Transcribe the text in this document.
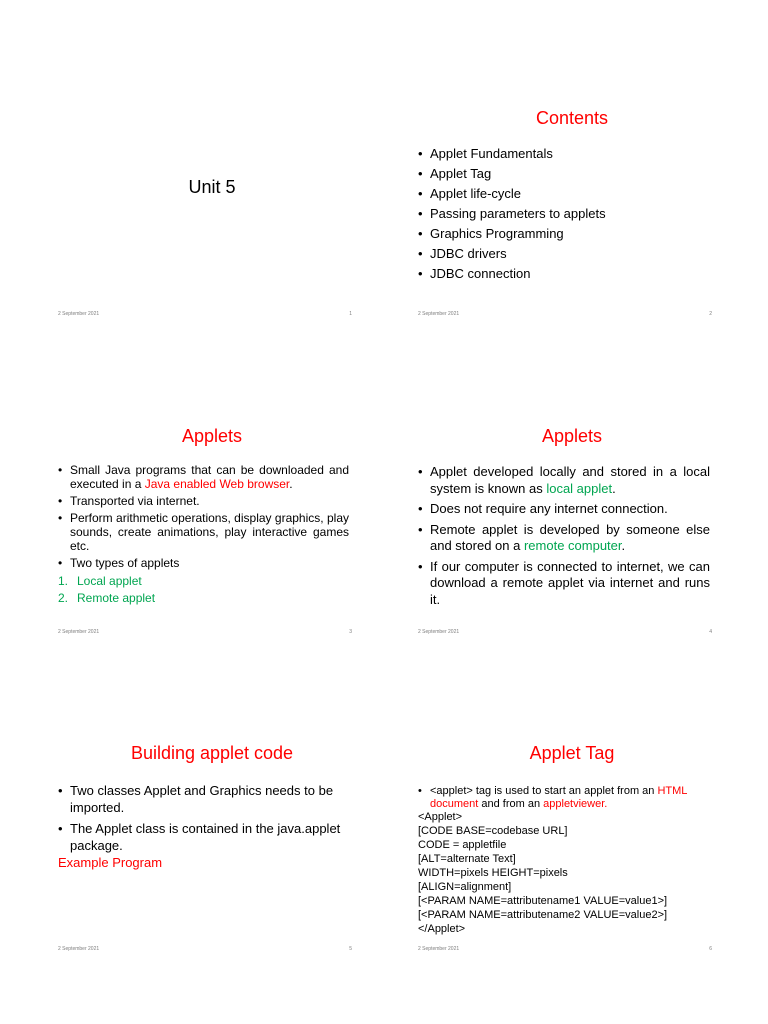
Unit 5
2 September 2021	1
Contents
• Applet Fundamentals
• Applet Tag
• Applet life-cycle
• Passing parameters to applets
• Graphics Programming
• JDBC drivers
• JDBC connection
2 September 2021	2
Applets
• Small Java programs that can be downloaded and executed in a Java enabled Web browser.
• Transported via internet.
• Perform arithmetic operations, display graphics, play sounds, create animations, play interactive games etc.
• Two types of applets
1. Local applet
2. Remote applet
2 September 2021	3
Applets
• Applet developed locally and stored in a local system is known as local applet.
• Does not require any internet connection.
• Remote applet is developed by someone else and stored on a remote computer.
• If our computer is connected to internet, we can download a remote applet via internet and runs it.
2 September 2021	4
Building applet code
• Two classes Applet and Graphics needs to be imported.
• The Applet class is contained in the java.applet package.
Example Program
2 September 2021	5
Applet Tag
• <applet> tag is used to start an applet from an HTML document and from an appletviewer.
<Applet>
[CODE BASE=codebase URL]
CODE = appletfile
[ALT=alternate Text]
WIDTH=pixels HEIGHT=pixels
[ALIGN=alignment]
[<PARAM NAME=attributename1 VALUE=value1>]
[<PARAM NAME=attributename2 VALUE=value2>]
</Applet>
2 September 2021	6
